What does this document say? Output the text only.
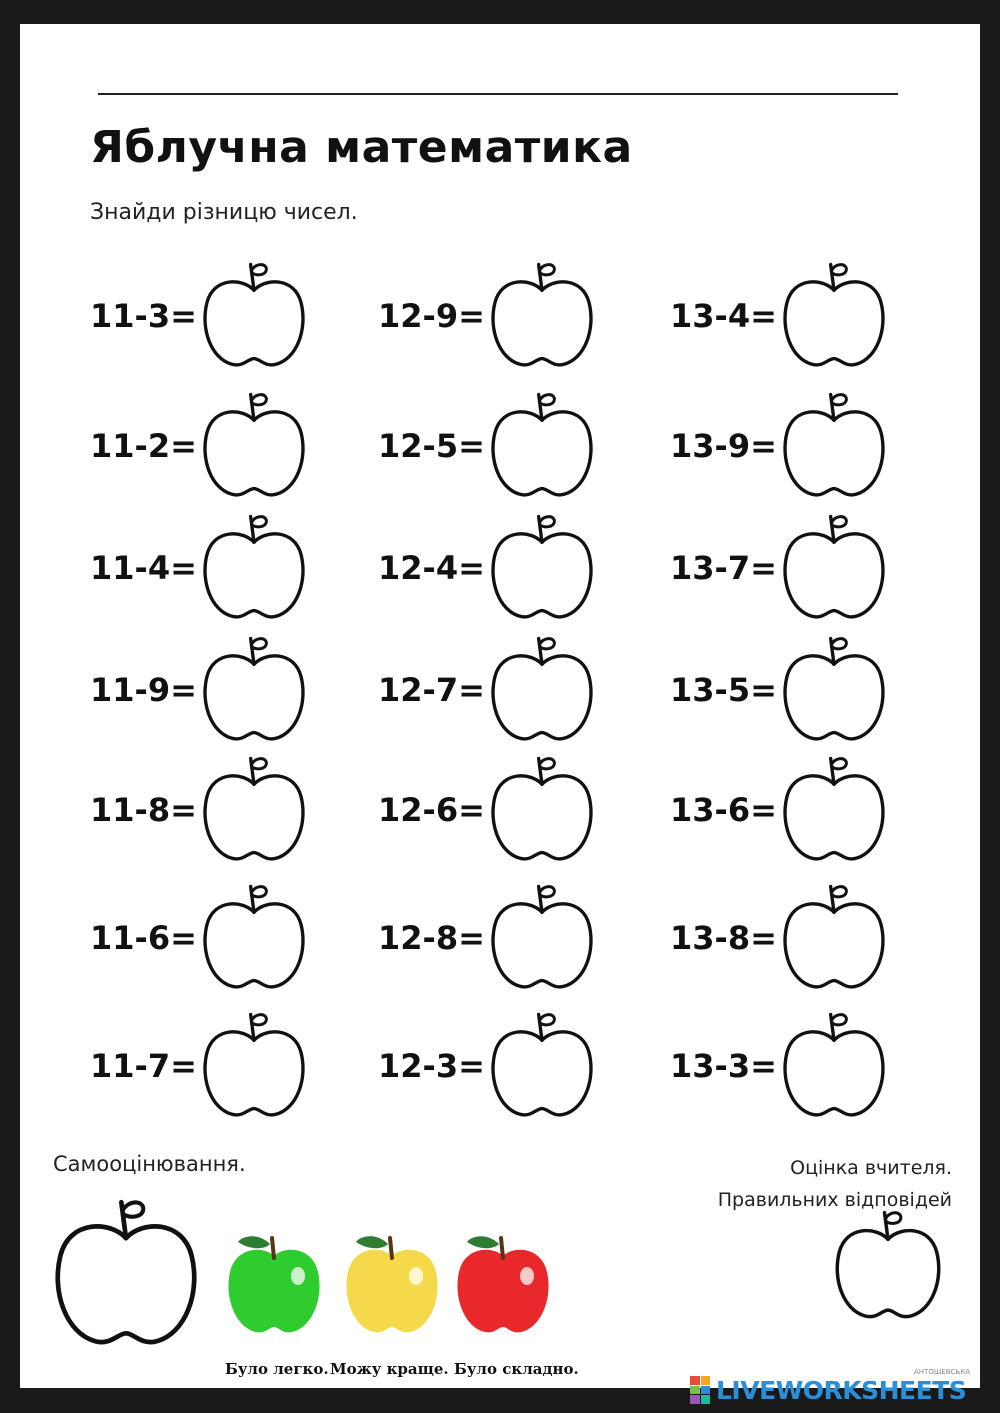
Яблучна математика
Знайди різницю чисел.
11-3=
11-2=
11-4=
11-9=
11-8=
11-6=
11-7=
12-9=
12-5=
12-4=
12-7=
12-6=
12-8=
12-3=
13-4=
13-9=
13-7=
13-5=
13-6=
13-8=
13-3=
Самооцінювання.	Оцінка вчителя.
Правильних відповідей
Було легко. Можу краще. Було складно.
LIVEWORKSHEETS
АНТОШЕВСЬКА
